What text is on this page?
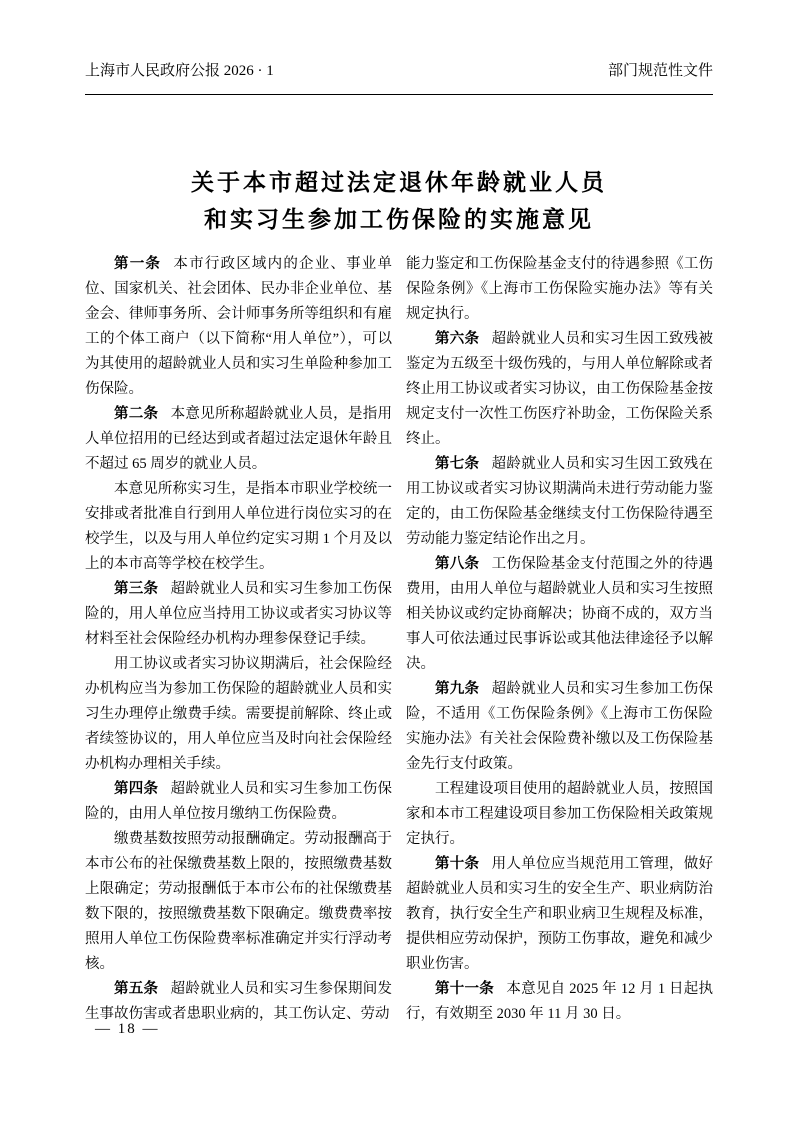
上海市人民政府公报 2026 · 1	部门规范性文件
关于本市超过法定退休年龄就业人员
和实习生参加工伤保险的实施意见

第一条 本市行政区域内的企业、事业单位、国家机关、社会团体、民办非企业单位、基金会、律师事务所、会计师事务所等组织和有雇工的个体工商户（以下简称“用人单位”），可以为其使用的超龄就业人员和实习生单险种参加工伤保险。

第二条 本意见所称超龄就业人员，是指用人单位招用的已经达到或者超过法定退休年龄且不超过 65 周岁的就业人员。

本意见所称实习生，是指本市职业学校统一安排或者批准自行到用人单位进行岗位实习的在校学生，以及与用人单位约定实习期 1 个月及以上的本市高等学校在校学生。

第三条 超龄就业人员和实习生参加工伤保险的，用人单位应当持用工协议或者实习协议等材料至社会保险经办机构办理参保登记手续。

用工协议或者实习协议期满后，社会保险经办机构应当为参加工伤保险的超龄就业人员和实习生办理停止缴费手续。需要提前解除、终止或者续签协议的，用人单位应当及时向社会保险经办机构办理相关手续。

第四条 超龄就业人员和实习生参加工伤保险的，由用人单位按月缴纳工伤保险费。

缴费基数按照劳动报酬确定。劳动报酬高于本市公布的社保缴费基数上限的，按照缴费基数上限确定；劳动报酬低于本市公布的社保缴费基数下限的，按照缴费基数下限确定。缴费费率按照用人单位工伤保险费率标准确定并实行浮动考核。

第五条 超龄就业人员和实习生参保期间发生事故伤害或者患职业病的，其工伤认定、劳动

能力鉴定和工伤保险基金支付的待遇参照《工伤保险条例》《上海市工伤保险实施办法》等有关规定执行。

第六条 超龄就业人员和实习生因工致残被鉴定为五级至十级伤残的，与用人单位解除或者终止用工协议或者实习协议，由工伤保险基金按规定支付一次性工伤医疗补助金，工伤保险关系终止。

第七条 超龄就业人员和实习生因工致残在用工协议或者实习协议期满尚未进行劳动能力鉴定的，由工伤保险基金继续支付工伤保险待遇至劳动能力鉴定结论作出之月。

第八条 工伤保险基金支付范围之外的待遇费用，由用人单位与超龄就业人员和实习生按照相关协议或约定协商解决；协商不成的，双方当事人可依法通过民事诉讼或其他法律途径予以解决。

第九条 超龄就业人员和实习生参加工伤保险，不适用《工伤保险条例》《上海市工伤保险实施办法》有关社会保险费补缴以及工伤保险基金先行支付政策。

工程建设项目使用的超龄就业人员，按照国家和本市工程建设项目参加工伤保险相关政策规定执行。

第十条 用人单位应当规范用工管理，做好超龄就业人员和实习生的安全生产、职业病防治教育，执行安全生产和职业病卫生规程及标准，提供相应劳动保护，预防工伤事故，避免和减少职业伤害。

第十一条 本意见自 2025 年 12 月 1 日起执行，有效期至 2030 年 11 月 30 日。

— 18 —
